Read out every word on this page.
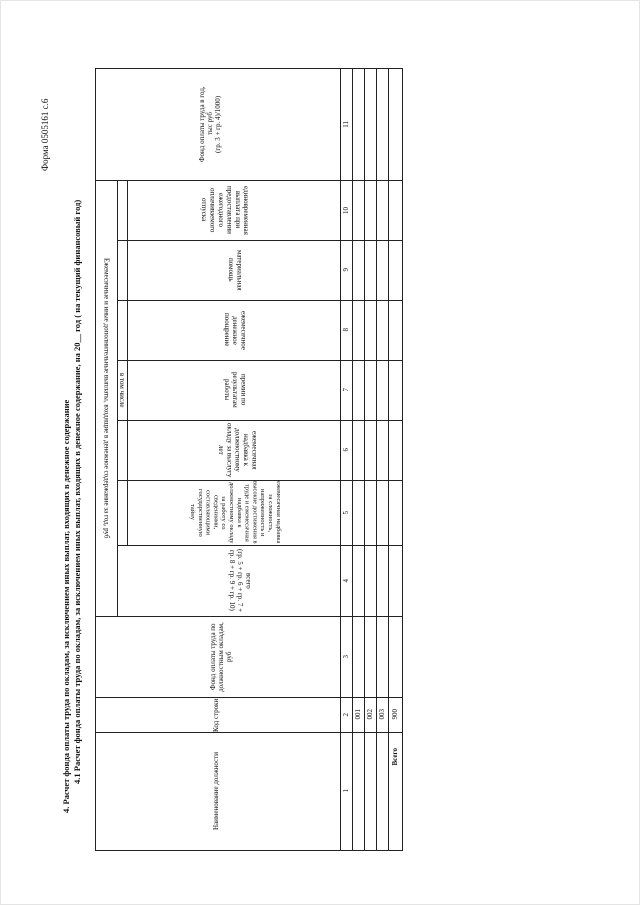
Форма 0505161 с.6
4. Расчет фонда оплаты труда по окладам, за исключением иных выплат, входящих в денежное содержание 4.1 Расчет фонда оплаты труда по окладам, за исключением иных выплат, входящих в денежное содержание, на 20__ год ( на текущий финансовый год)
Наименование должности
Код строки
Фонд оплаты труда по должностным окладам, руб
Ежемесячные и иные дополнительные выплаты, входящие в денежное содержание за год, руб
всего
(гр. 5 + гр. 6 + гр. 7 + гр. 8 + гр. 9 + гр. 10)
в том числе
ежемесячная надбавка за сложность, напряженность и высокие достижения в труде и ежемесячная надбавка к должностному окладу за работу со сведениями, составляющими государственную тайну
ежемесячная надбавка к должностному окладу за выслугу лет
премии по результатам работы
ежемесячное денежное поощрение
материальная помощь
единовременная выплата при предоставлении ежегодного оплачиваемого отпуска
Фонд оплаты труда в год,
тыс руб
(гр. 3 + гр. 4)/1000)
1
2
3
4
5
6
7
8
9
10
11
001 002 003 900
Всего
